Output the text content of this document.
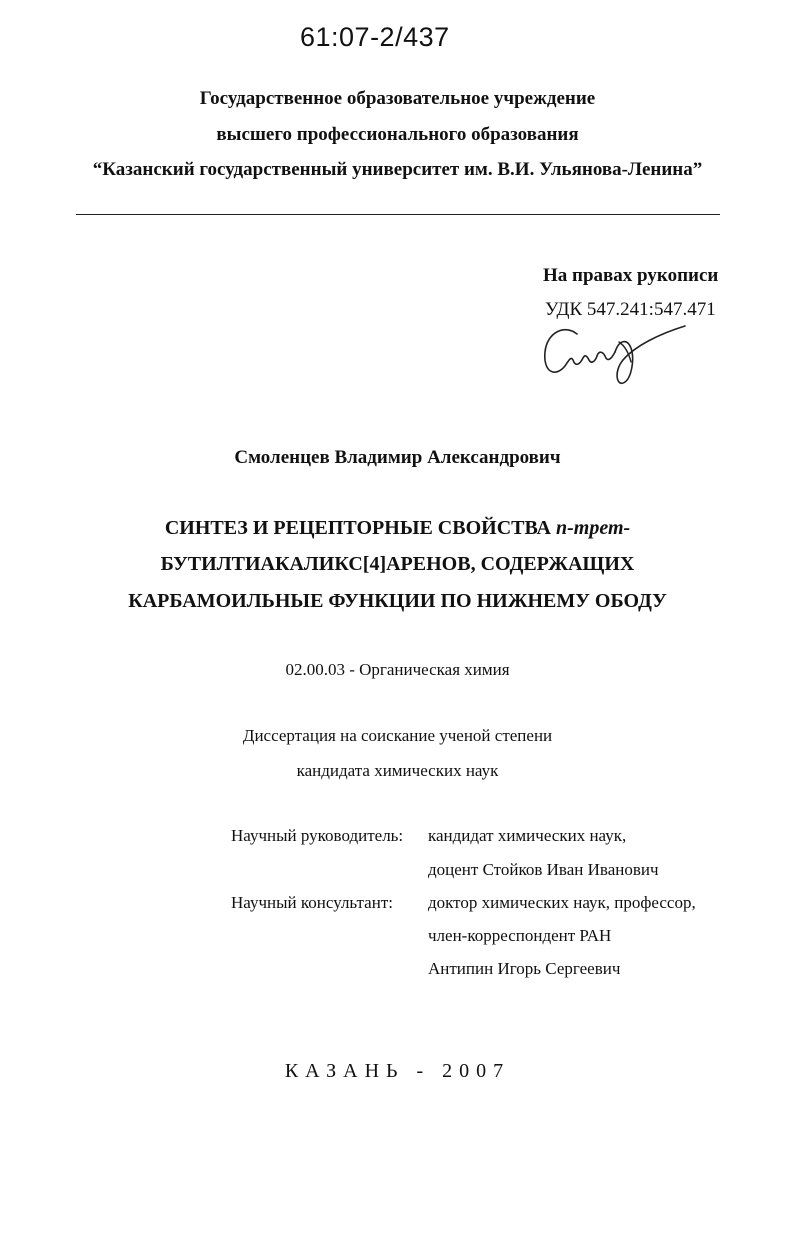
61:07-2/437
Государственное образовательное учреждение
высшего профессионального образования
“Казанский государственный университет им. В.И. Ульянова-Ленина”
На правах рукописи
УДК 547.241:547.471
Смоленцев Владимир Александрович
СИНТЕЗ И РЕЦЕПТОРНЫЕ СВОЙСТВА п-трет-
БУТИЛТИАКАЛИКС[4]АРЕНОВ, СОДЕРЖАЩИХ
КАРБАМОИЛЬНЫЕ ФУНКЦИИ ПО НИЖНЕМУ ОБОДУ
02.00.03 - Органическая химия
Диссертация на соискание ученой степени
кандидата химических наук
Научный руководитель: кандидат химических наук,
доцент Стойков Иван Иванович
Научный консультант: доктор химических наук, профессор,
член-корреспондент РАН
Антипин Игорь Сергеевич
КАЗАНЬ - 2007
